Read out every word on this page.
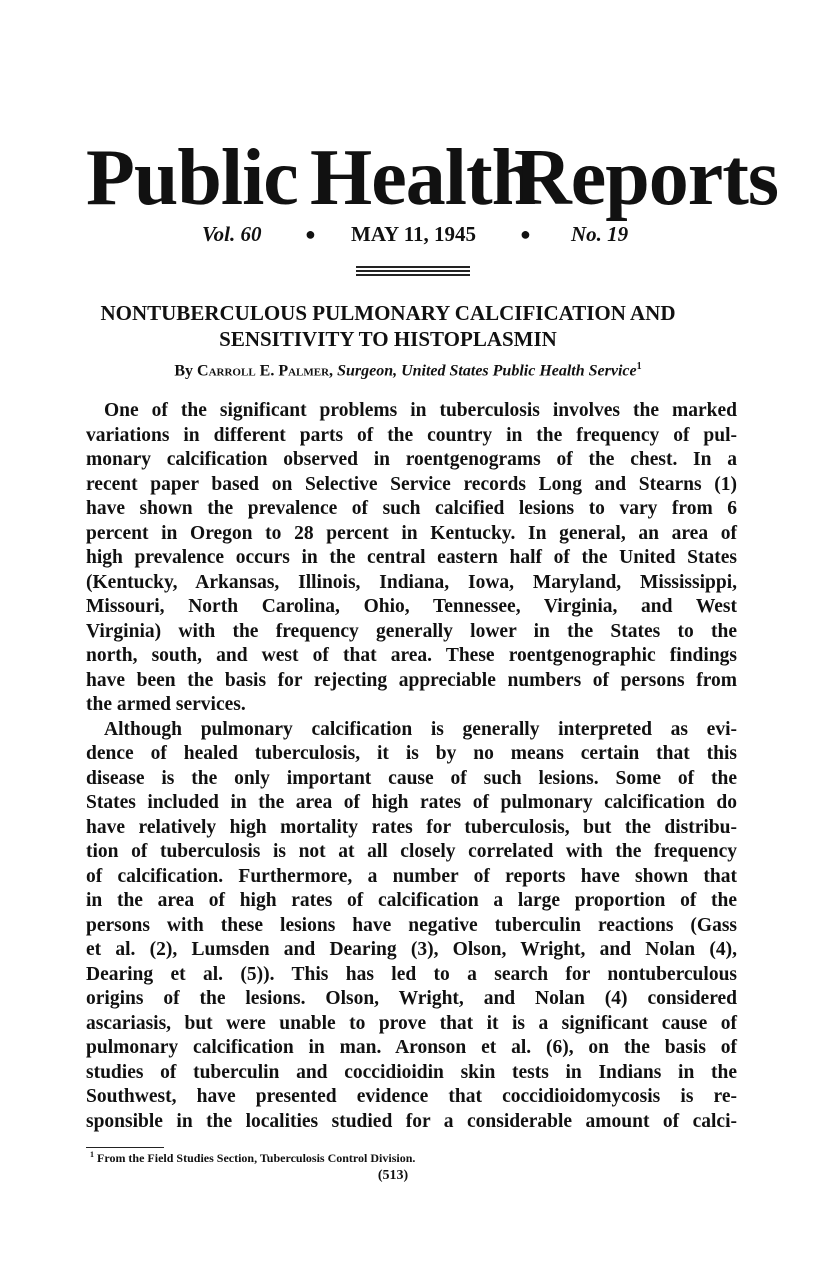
Public Health
Reports
Vol. 60 ● MAY 11, 1945 ● No. 19
NONTUBERCULOUS PULMONARY CALCIFICATION AND
SENSITIVITY TO HISTOPLASMIN
By Carroll E. Palmer, Surgeon, United States Public Health Service$^1$
One of the significant problems in tuberculosis involves the marked
variations in different parts of the country in the frequency of pul-
monary calcification observed in roentgenograms of the chest. In a
recent paper based on Selective Service records Long and Stearns (1)
have shown the prevalence of such calcified lesions to vary from 6
percent in Oregon to 28 percent in Kentucky. In general, an area of
high prevalence occurs in the central eastern half of the United States
(Kentucky, Arkansas, Illinois, Indiana, Iowa, Maryland, Mississippi,
Missouri, North Carolina, Ohio, Tennessee, Virginia, and West
Virginia) with the frequency generally lower in the States to the
north, south, and west of that area. These roentgenographic findings
have been the basis for rejecting appreciable numbers of persons from
the armed services.
Although pulmonary calcification is generally interpreted as evi-
dence of healed tuberculosis, it is by no means certain that this
disease is the only important cause of such lesions. Some of the
States included in the area of high rates of pulmonary calcification do
have relatively high mortality rates for tuberculosis, but the distribu-
tion of tuberculosis is not at all closely correlated with the frequency
of calcification. Furthermore, a number of reports have shown that
in the area of high rates of calcification a large proportion of the
persons with these lesions have negative tuberculin reactions (Gass
et al. (2), Lumsden and Dearing (3), Olson, Wright, and Nolan (4),
Dearing et al. (5)). This has led to a search for nontuberculous
origins of the lesions. Olson, Wright, and Nolan (4) considered
ascariasis, but were unable to prove that it is a significant cause of
pulmonary calcification in man. Aronson et al. (6), on the basis of
studies of tuberculin and coccidioidin skin tests in Indians in the
Southwest, have presented evidence that coccidioidomycosis is re-
sponsible in the localities studied for a considerable amount of calci-
$^1$ From the Field Studies Section, Tuberculosis Control Division.
(513)
